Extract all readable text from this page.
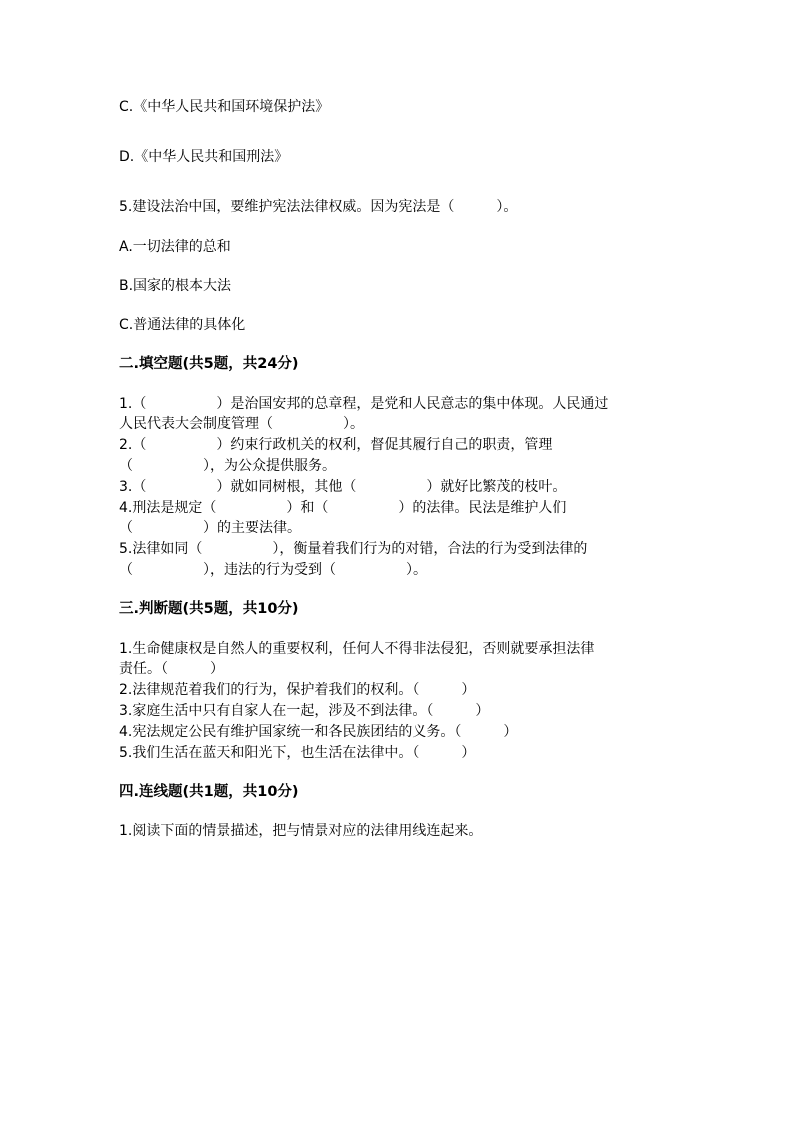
C.《中华人民共和国环境保护法》
D.《中华人民共和国刑法》
5.建设法治中国，要维护宪法法律权威。因为宪法是（　　　）。
A.一切法律的总和
B.国家的根本大法
C.普通法律的具体化
二.填空题(共5题，共24分)
1.（　　　　　）是治国安邦的总章程，是党和人民意志的集中体现。人民通过
人民代表大会制度管理（　　　　　）。
2.（　　　　　）约束行政机关的权利，督促其履行自己的职责，管理
（　　　　　），为公众提供服务。
3.（　　　　　）就如同树根，其他（　　　　　）就好比繁茂的枝叶。
4.刑法是规定（　　　　　）和（　　　　　）的法律。民法是维护人们
（　　　　　）的主要法律。
5.法律如同（　　　　　），衡量着我们行为的对错，合法的行为受到法律的
（　　　　　），违法的行为受到（　　　　　）。
三.判断题(共5题，共10分)
1.生命健康权是自然人的重要权利，任何人不得非法侵犯，否则就要承担法律
责任。（　　　）
2.法律规范着我们的行为，保护着我们的权利。（　　　）
3.家庭生活中只有自家人在一起，涉及不到法律。（　　　）
4.宪法规定公民有维护国家统一和各民族团结的义务。（　　　）
5.我们生活在蓝天和阳光下，也生活在法律中。（　　　）
四.连线题(共1题，共10分)
1.阅读下面的情景描述，把与情景对应的法律用线连起来。
